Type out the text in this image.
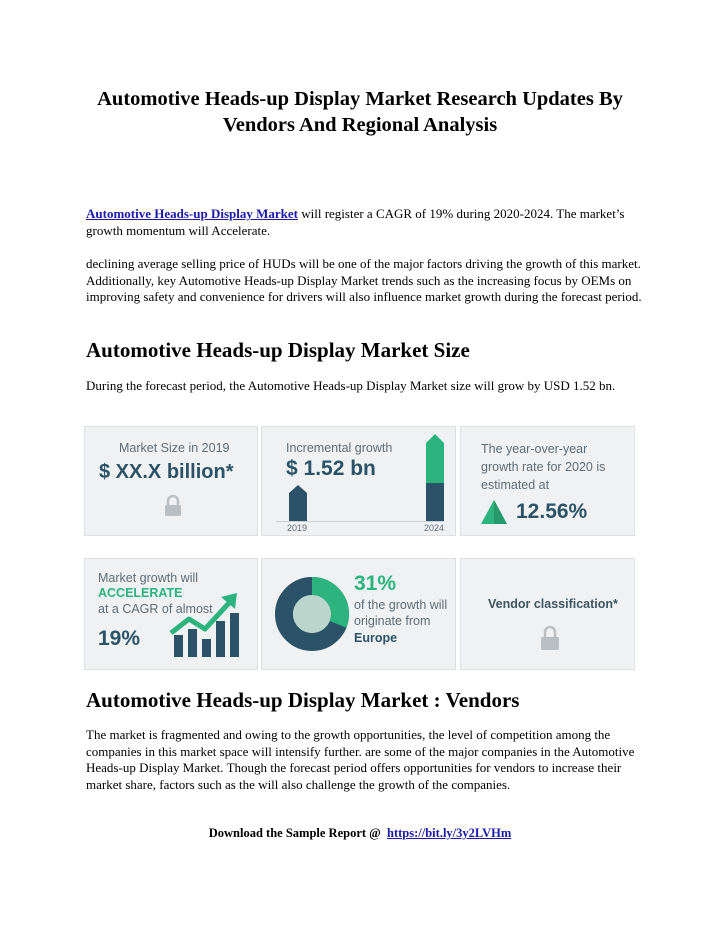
Automotive Heads-up Display Market Research Updates By Vendors And Regional Analysis

Automotive Heads-up Display Market will register a CAGR of 19% during 2020-2024. The market’s growth momentum will Accelerate.

declining average selling price of HUDs will be one of the major factors driving the growth of this market. Additionally, key Automotive Heads-up Display Market trends such as the increasing focus by OEMs on improving safety and convenience for drivers will also influence market growth during the forecast period.

Automotive Heads-up Display Market Size

During the forecast period, the Automotive Heads-up Display Market size will grow by USD 1.52 bn.

Market Size in 2019
$ XX.X billion*
Incremental growth
$ 1.52 bn
2019	2024
The year-over-year growth rate for 2020 is estimated at
12.56%
Market growth will
ACCELERATE
at a CAGR of almost
19%
31%
of the growth will
originate from
Europe
Vendor classification*
Automotive Heads-up Display Market : Vendors

The market is fragmented and owing to the growth opportunities, the level of competition among the companies in this market space will intensify further. are some of the major companies in the Automotive Heads-up Display Market. Though the forecast period offers opportunities for vendors to increase their market share, factors such as the will also challenge the growth of the companies.

Download the Sample Report @ https://bit.ly/3y2LVHm
